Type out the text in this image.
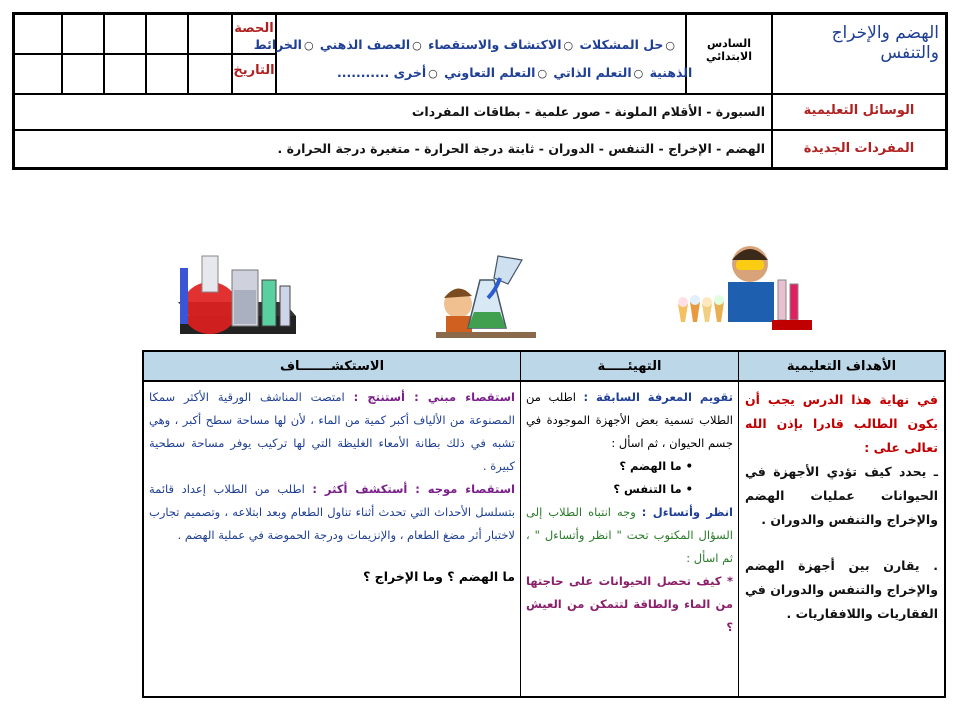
الهضم والإخراج والتنفس
السادس الابتدائي
○حل المشكلات ○الاكتشاف والاستقصاء ○العصف الذهني ○الخرائط
الذهنية ○التعلم الذاتي ○التعلم التعاوني ○أخرى ...........
الحصة
التاريخ
الوسائل التعليمية
السبورة - الأقلام الملونة - صور علمية - بطاقات المفردات
المفردات الجديدة
الهضم - الإخراج - التنفس - الدوران - ثابتة درجة الحرارة - متغيرة درجة الحرارة .
الأهداف التعليمية
في نهاية هذا الدرس يجب أن يكون الطالب قادرا بإذن الله تعالى على :
ـ يحدد كيف تؤدي الأجهزة في الحيوانات عمليات الهضم والإخراج والتنفس والدوران .
. يقارن بين أجهزة الهضم والإخراج والتنفس والدوران في الفقاريات واللافقاريات .
التهيئـــــة
تقويم المعرفة السابقة : اطلب من الطلاب تسمية بعض الأجهزة الموجودة في جسم الحيوان ، ثم اسأل :
• ما الهضم ؟
• ما التنفس ؟
انظر وأتساءل : وجه انتباه الطلاب إلى السؤال المكتوب تحت " انظر وأتساءل " ، ثم اسأل :
* كيف تحصل الحيوانات على حاجتها من الماء والطاقة لتتمكن من العيش ؟
الاستكشـــــــاف
استقصاء مبني : أستنتج : امتصت المناشف الورقية الأكثر سمكا المصنوعة من الألياف أكبر كمية من الماء ، لأن لها مساحة سطح أكبر ، وهي تشبه في ذلك بطانة الأمعاء الغليظة التي لها تركيب يوفر مساحة سطحية كبيرة .
استقصاء موجه : أستكشف أكثر : اطلب من الطلاب إعداد قائمة بتسلسل الأحداث التي تحدث أثناء تناول الطعام وبعد ابتلاعه ، وتصميم تجارب لاختبار أثر مضغ الطعام ، والإنزيمات ودرجة الحموضة في عملية الهضم .
ما الهضم ؟ وما الإخراج ؟
